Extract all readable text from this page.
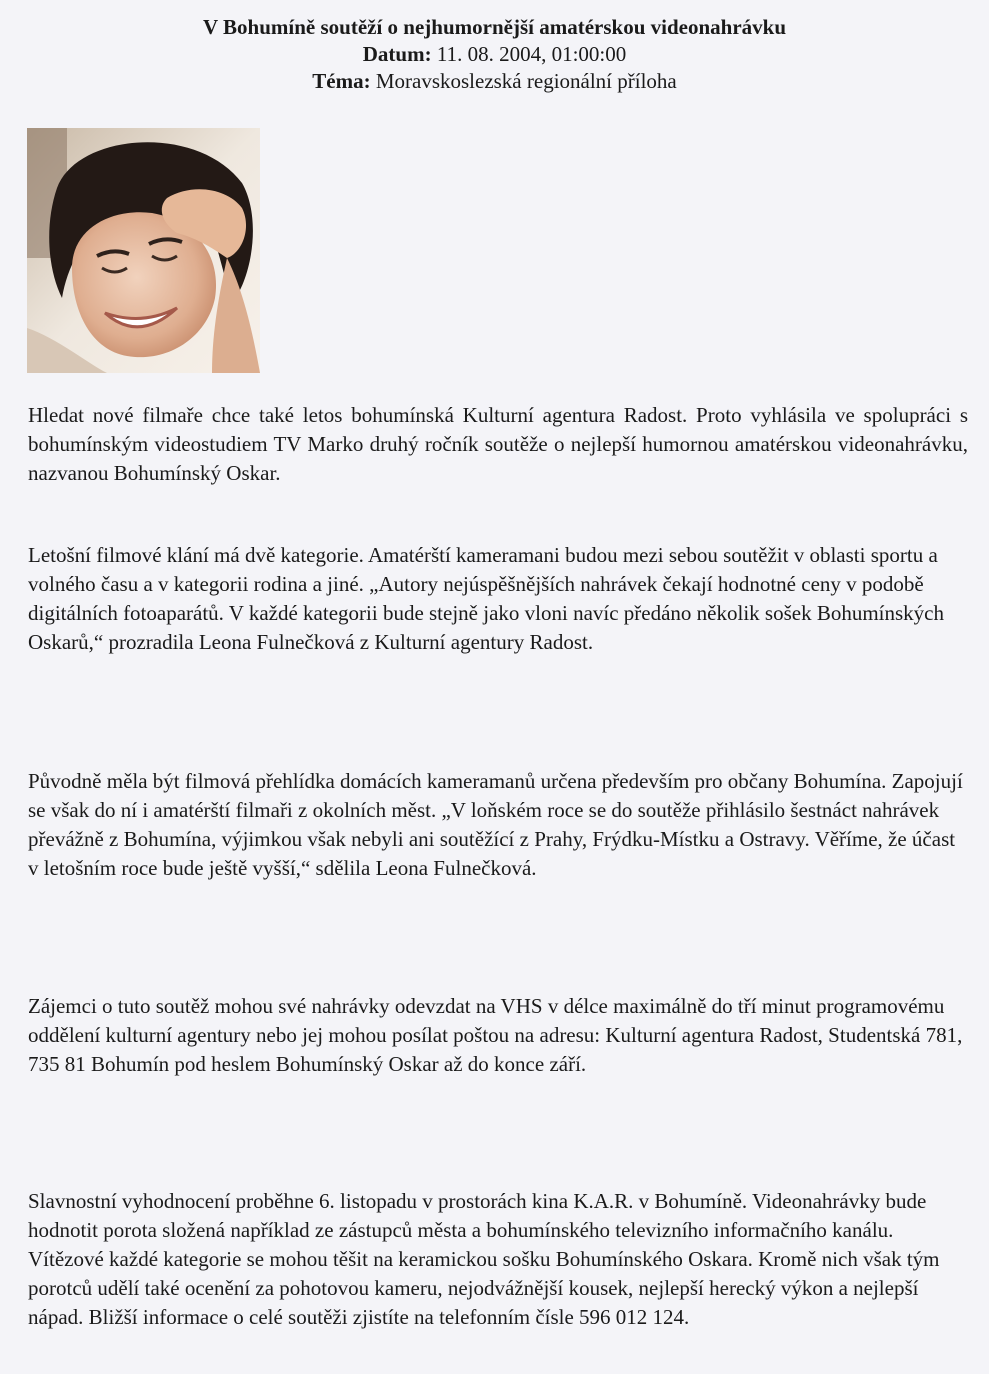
V Bohumíně soutěží o nejhumornější amatérskou videonahrávku
Datum: 11. 08. 2004, 01:00:00
Téma: Moravskoslezská regionální příloha

Hledat nové filmaře chce také letos bohumínská Kulturní agentura Radost. Proto vyhlásila ve spolupráci s bohumínským videostudiem TV Marko druhý ročník soutěže o nejlepší humornou amatérskou videonahrávku, nazvanou Bohumínský Oskar.

Letošní filmové klání má dvě kategorie. Amatérští kameramani budou mezi sebou soutěžit v oblasti sportu a volného času a v kategorii rodina a jiné. „Autory nejúspěšnějších nahrávek čekají hodnotné ceny v podobě digitálních fotoaparátů. V každé kategorii bude stejně jako vloni navíc předáno několik sošek Bohumínských Oskarů,“ prozradila Leona Fulnečková z Kulturní agentury Radost.

Původně měla být filmová přehlídka domácích kameramanů určena především pro občany Bohumína. Zapojují se však do ní i amatérští filmaři z okolních měst. „V loňském roce se do soutěže přihlásilo šestnáct nahrávek převážně z Bohumína, výjimkou však nebyli ani soutěžící z Prahy, Frýdku-Místku a Ostravy. Věříme, že účast v letošním roce bude ještě vyšší,“ sdělila Leona Fulnečková.

Zájemci o tuto soutěž mohou své nahrávky odevzdat na VHS v délce maximálně do tří minut programovému oddělení kulturní agentury nebo jej mohou posílat poštou na adresu: Kulturní agentura Radost, Studentská 781, 735 81 Bohumín pod heslem Bohumínský Oskar až do konce září.

Slavnostní vyhodnocení proběhne 6. listopadu v prostorách kina K.A.R. v Bohumíně. Videonahrávky bude hodnotit porota složená například ze zástupců města a bohumínského televizního informačního kanálu. Vítězové každé kategorie se mohou těšit na keramickou sošku Bohumínského Oskara. Kromě nich však tým porotců udělí také ocenění za pohotovou kameru, nejodvážnější kousek, nejlepší herecký výkon a nejlepší nápad. Bližší informace o celé soutěži zjistíte na telefonním čísle 596 012 124.
